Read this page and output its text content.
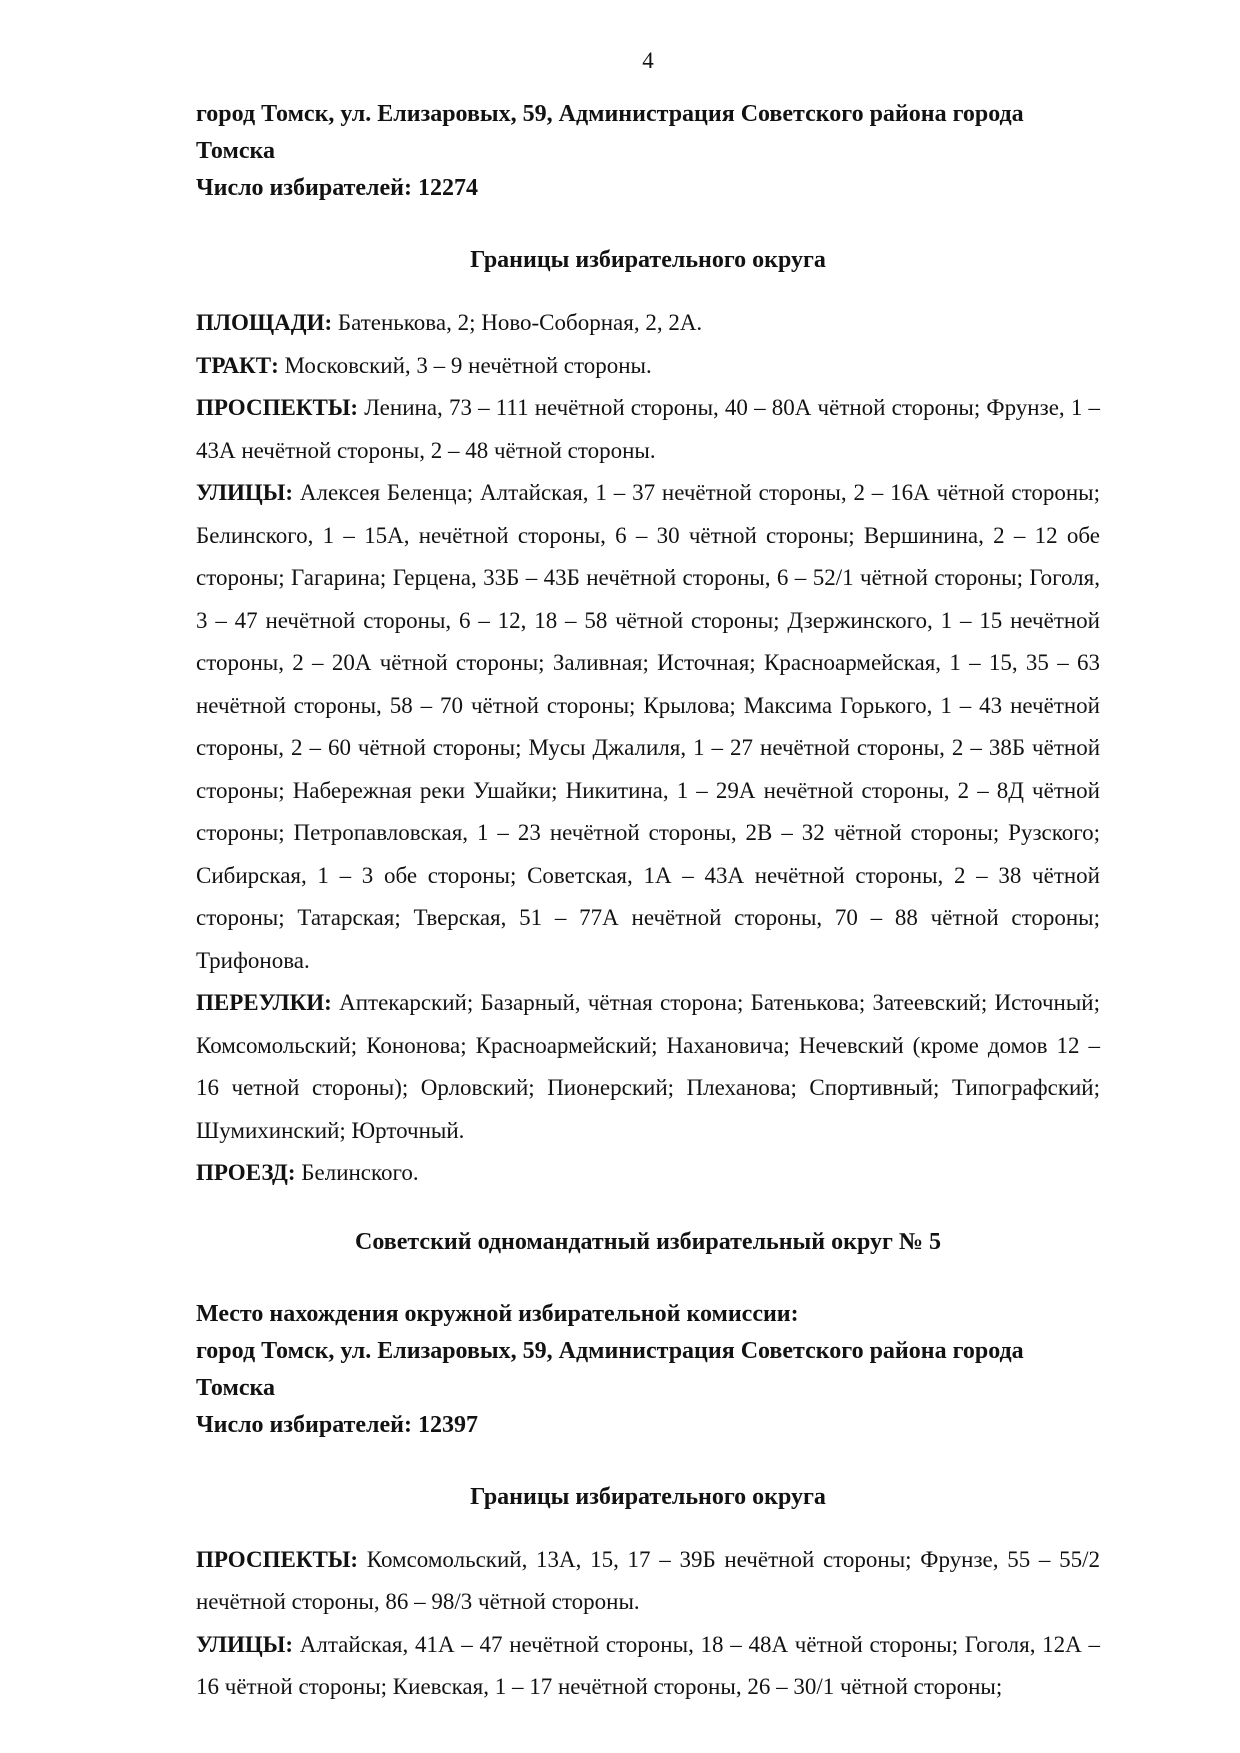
4
город Томск, ул. Елизаровых, 59, Администрация Советского района города Томска
Число избирателей: 12274
Границы избирательного округа

ПЛОЩАДИ: Батенькова, 2; Ново-Соборная, 2, 2А.

ТРАКТ: Московский, 3 – 9 нечётной стороны.

ПРОСПЕКТЫ: Ленина, 73 – 111 нечётной стороны, 40 – 80А чётной стороны; Фрунзе, 1 – 43А нечётной стороны, 2 – 48 чётной стороны.

УЛИЦЫ: Алексея Беленца; Алтайская, 1 – 37 нечётной стороны, 2 – 16А чётной стороны; Белинского, 1 – 15А, нечётной стороны, 6 – 30 чётной стороны; Вершинина, 2 – 12 обе стороны; Гагарина; Герцена, 33Б – 43Б нечётной стороны, 6 – 52/1 чётной стороны; Гоголя, 3 – 47 нечётной стороны, 6 – 12, 18 – 58 чётной стороны; Дзержинского, 1 – 15 нечётной стороны, 2 – 20А чётной стороны; Заливная; Источная; Красноармейская, 1 – 15, 35 – 63 нечётной стороны, 58 – 70 чётной стороны; Крылова; Максима Горького, 1 – 43 нечётной стороны, 2 – 60 чётной стороны; Мусы Джалиля, 1 – 27 нечётной стороны, 2 – 38Б чётной стороны; Набережная реки Ушайки; Никитина, 1 – 29А нечётной стороны, 2 – 8Д чётной стороны; Петропавловская, 1 – 23 нечётной стороны, 2В – 32 чётной стороны; Рузского; Сибирская, 1 – 3 обе стороны; Советская, 1А – 43А нечётной стороны, 2 – 38 чётной стороны; Татарская; Тверская, 51 – 77А нечётной стороны, 70 – 88 чётной стороны; Трифонова.

ПЕРЕУЛКИ: Аптекарский; Базарный, чётная сторона; Батенькова; Затеевский; Источный; Комсомольский; Кононова; Красноармейский; Нахановича; Нечевский (кроме домов 12 – 16 четной стороны); Орловский; Пионерский; Плеханова; Спортивный; Типографский; Шумихинский; Юрточный.

ПРОЕЗД: Белинского.

Советский одномандатный избирательный округ № 5
Место нахождения окружной избирательной комиссии:
город Томск, ул. Елизаровых, 59, Администрация Советского района города Томска
Число избирателей: 12397
Границы избирательного округа

ПРОСПЕКТЫ: Комсомольский, 13А, 15, 17 – 39Б нечётной стороны; Фрунзе, 55 – 55/2 нечётной стороны, 86 – 98/3 чётной стороны.

УЛИЦЫ: Алтайская, 41А – 47 нечётной стороны, 18 – 48А чётной стороны; Гоголя, 12А – 16 чётной стороны; Киевская, 1 – 17 нечётной стороны, 26 – 30/1 чётной стороны;
